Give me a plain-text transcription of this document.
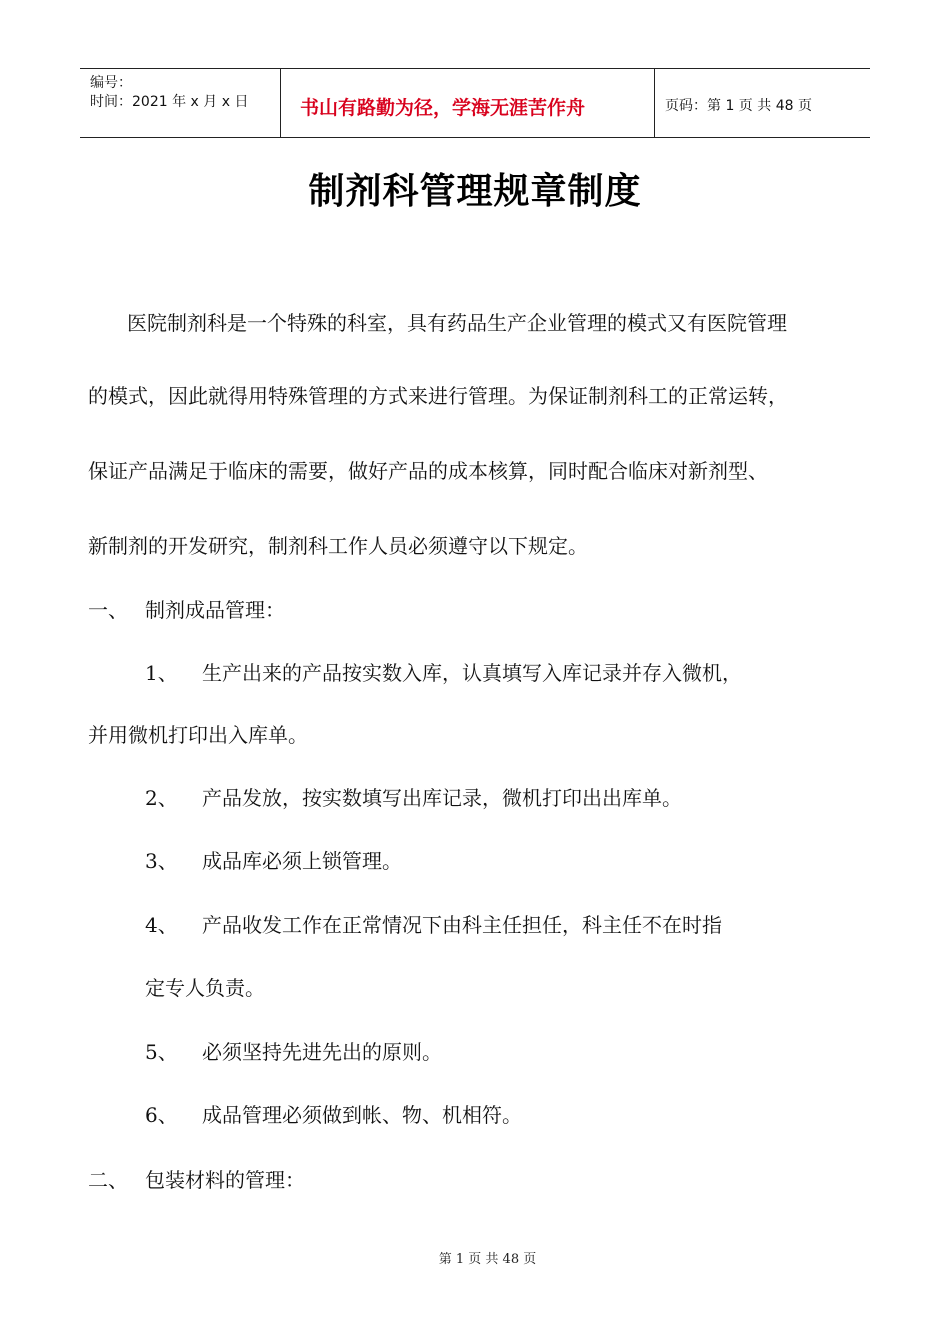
编号：
时间：2021 年 x 月 x 日	书山有路勤为径，学海无涯苦作舟	页码：第 1 页 共 48 页
制剂科管理规章制度
医院制剂科是一个特殊的科室，具有药品生产企业管理的模式又有医院管理
的模式，因此就得用特殊管理的方式来进行管理。为保证制剂科工的正常运转，
保证产品满足于临床的需要，做好产品的成本核算，同时配合临床对新剂型、
新制剂的开发研究，制剂科工作人员必须遵守以下规定。
一、 制剂成品管理：
1、 生产出来的产品按实数入库，认真填写入库记录并存入微机，
并用微机打印出入库单。
2、 产品发放，按实数填写出库记录，微机打印出出库单。
3、 成品库必须上锁管理。
4、 产品收发工作在正常情况下由科主任担任，科主任不在时指
定专人负责。
5、 必须坚持先进先出的原则。
6、 成品管理必须做到帐、物、机相符。
二、 包装材料的管理：
第 1 页 共 48 页
